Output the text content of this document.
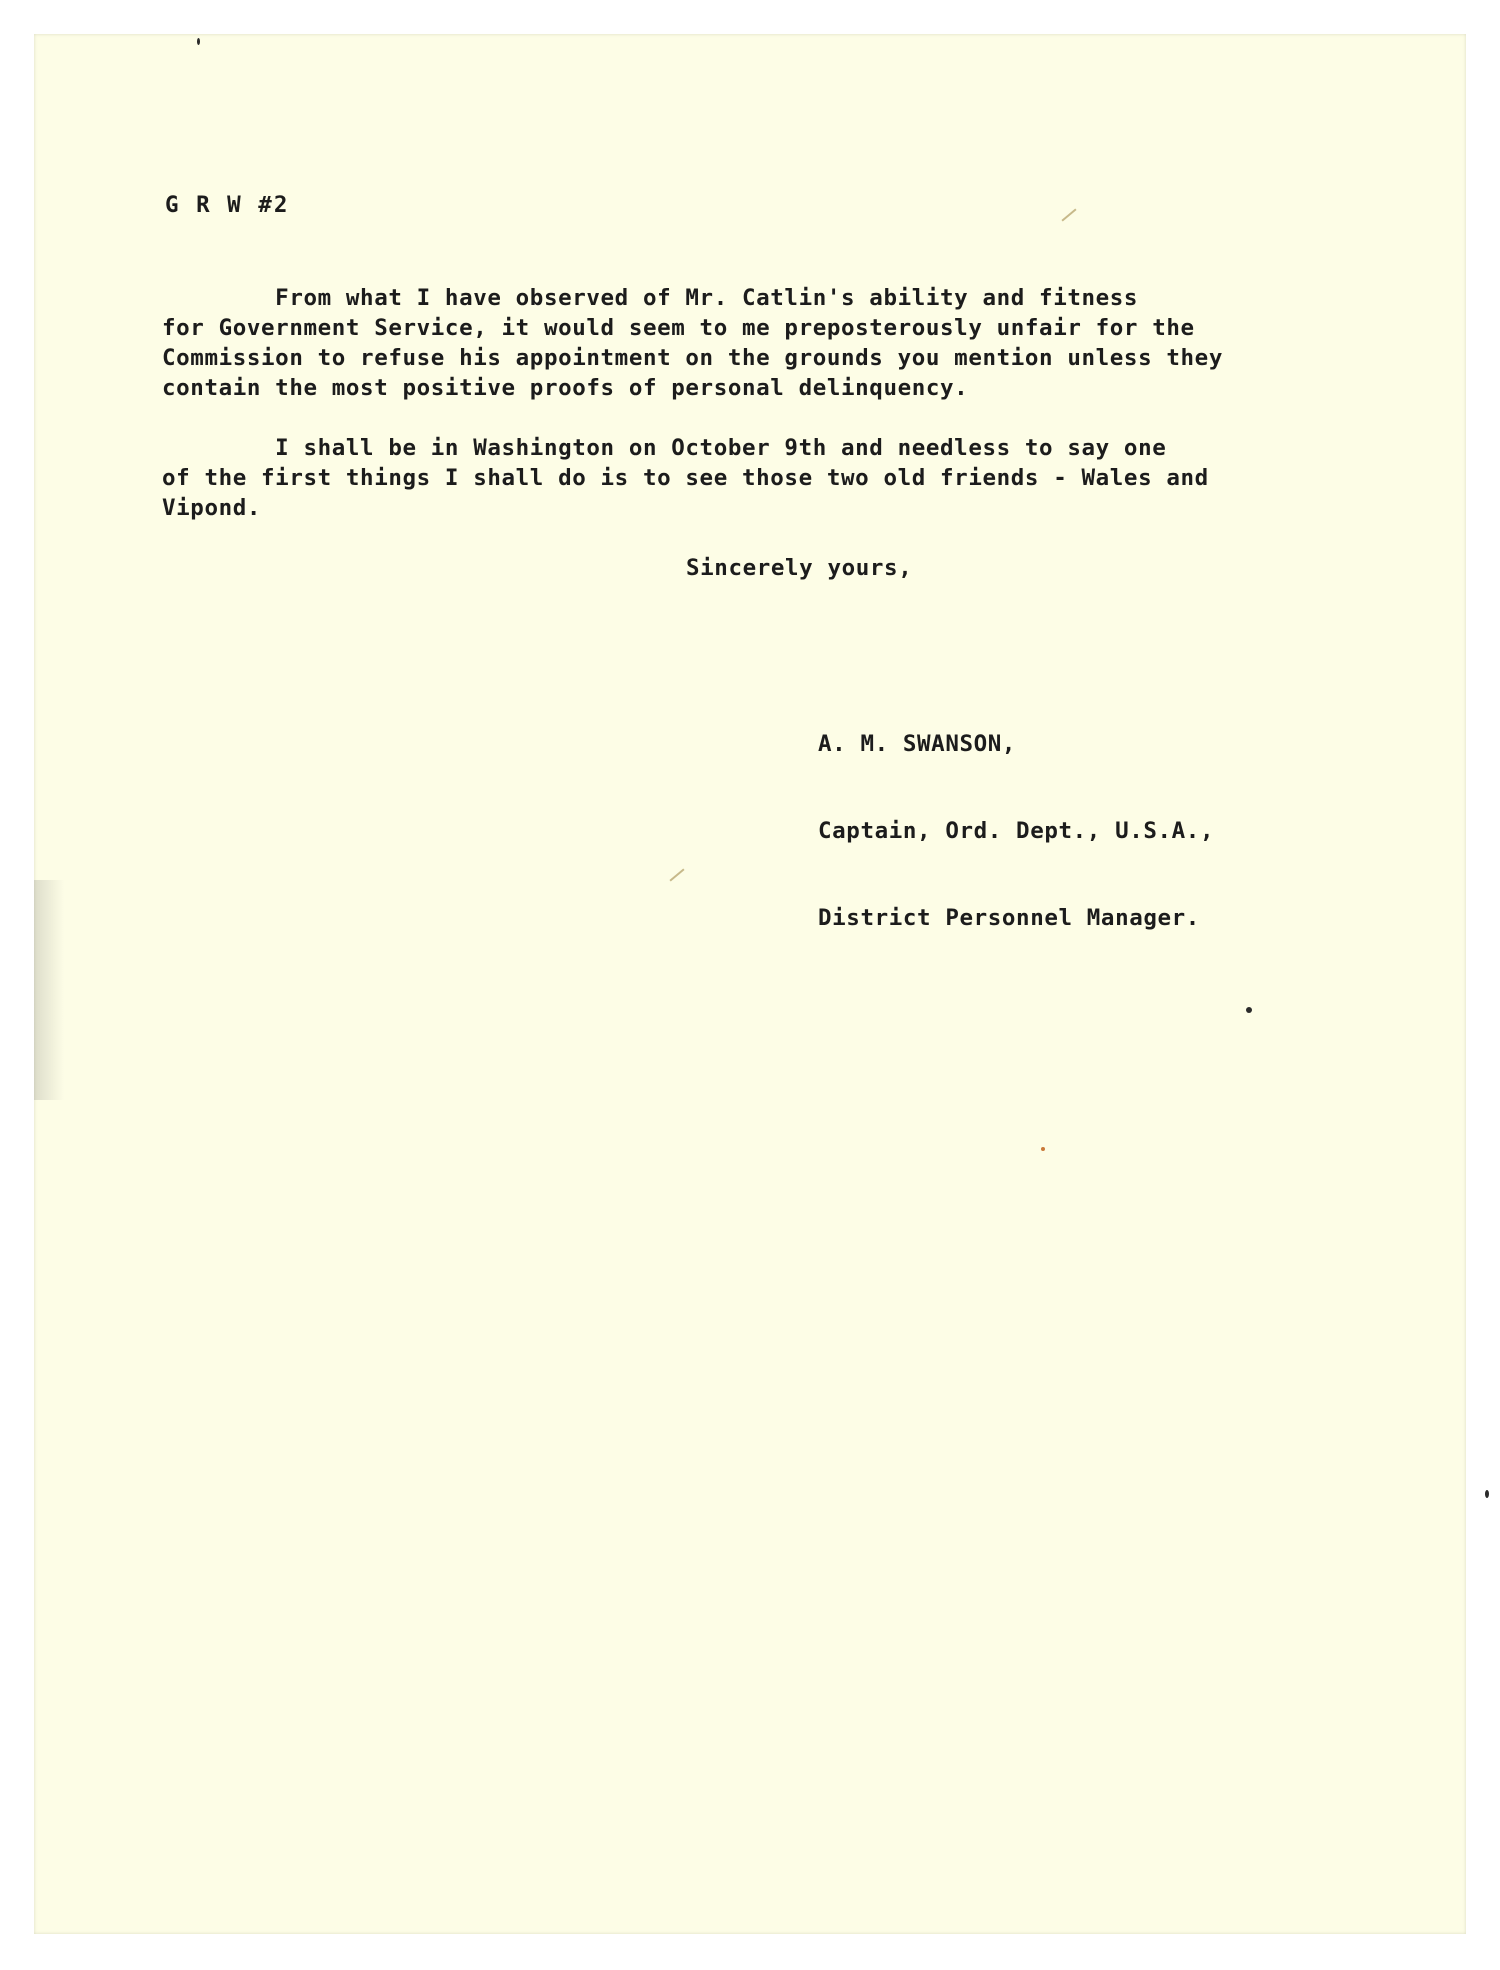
G R W #2
From what I have observed of Mr. Catlin's ability and fitness
for Government Service, it would seem to me preposterously unfair for the
Commission to refuse his appointment on the grounds you mention unless they
contain the most positive proofs of personal delinquency.
I shall be in Washington on October 9th and needless to say one
of the first things I shall do is to see those two old friends - Wales and
Vipond.
Sincerely yours,

A. M. SWANSON,

Captain, Ord. Dept., U.S.A.,

District Personnel Manager.
